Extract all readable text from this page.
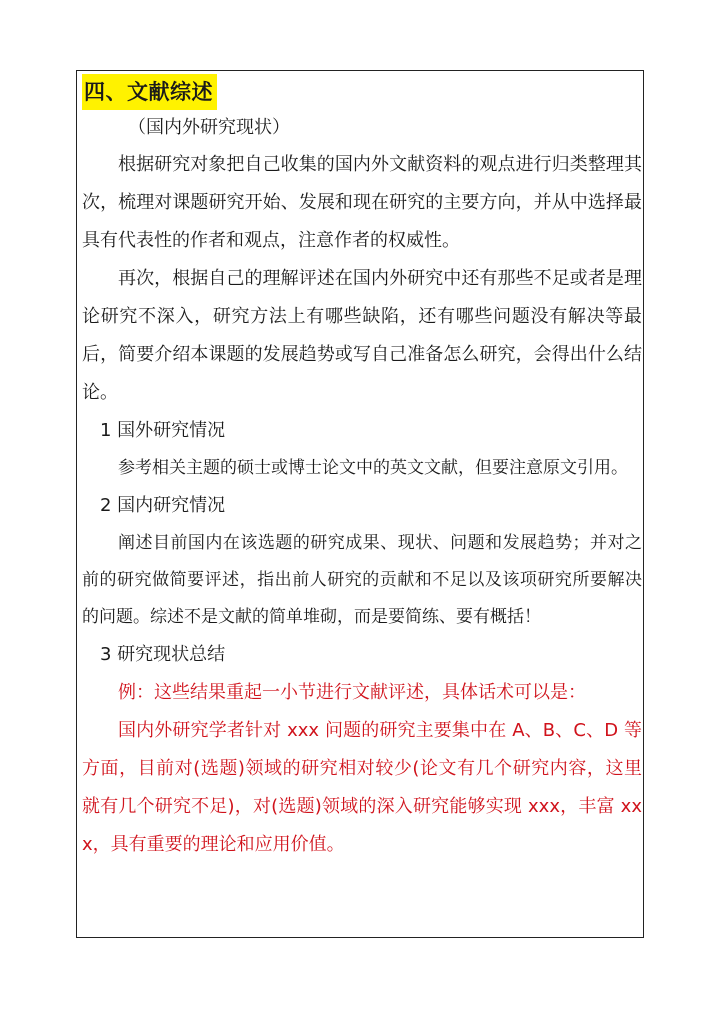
四、文献综述
（国内外研究现状）

根据研究对象把自己收集的国内外文献资料的观点进行归类整理其次，梳理对课题研究开始、发展和现在研究的主要方向，并从中选择最具有代表性的作者和观点，注意作者的权威性。

再次，根据自己的理解评述在国内外研究中还有那些不足或者是理论研究不深入，研究方法上有哪些缺陷，还有哪些问题没有解决等最后，简要介绍本课题的发展趋势或写自己准备怎么研究，会得出什么结论。

1 国外研究情况

参考相关主题的硕士或博士论文中的英文文献，但要注意原文引用。

2 国内研究情况

阐述目前国内在该选题的研究成果、现状、问题和发展趋势；并对之前的研究做简要评述，指出前人研究的贡献和不足以及该项研究所要解决的问题。综述不是文献的简单堆砌，而是要简练、要有概括！

3 研究现状总结

例：这些结果重起一小节进行文献评述，具体话术可以是：

国内外研究学者针对 xxx 问题的研究主要集中在 A、B、C、D 等方面，目前对(选题)领域的研究相对较少(论文有几个研究内容，这里就有几个研究不足)，对(选题)领域的深入研究能够实现 xxx，丰富 xxx，具有重要的理论和应用价值。
